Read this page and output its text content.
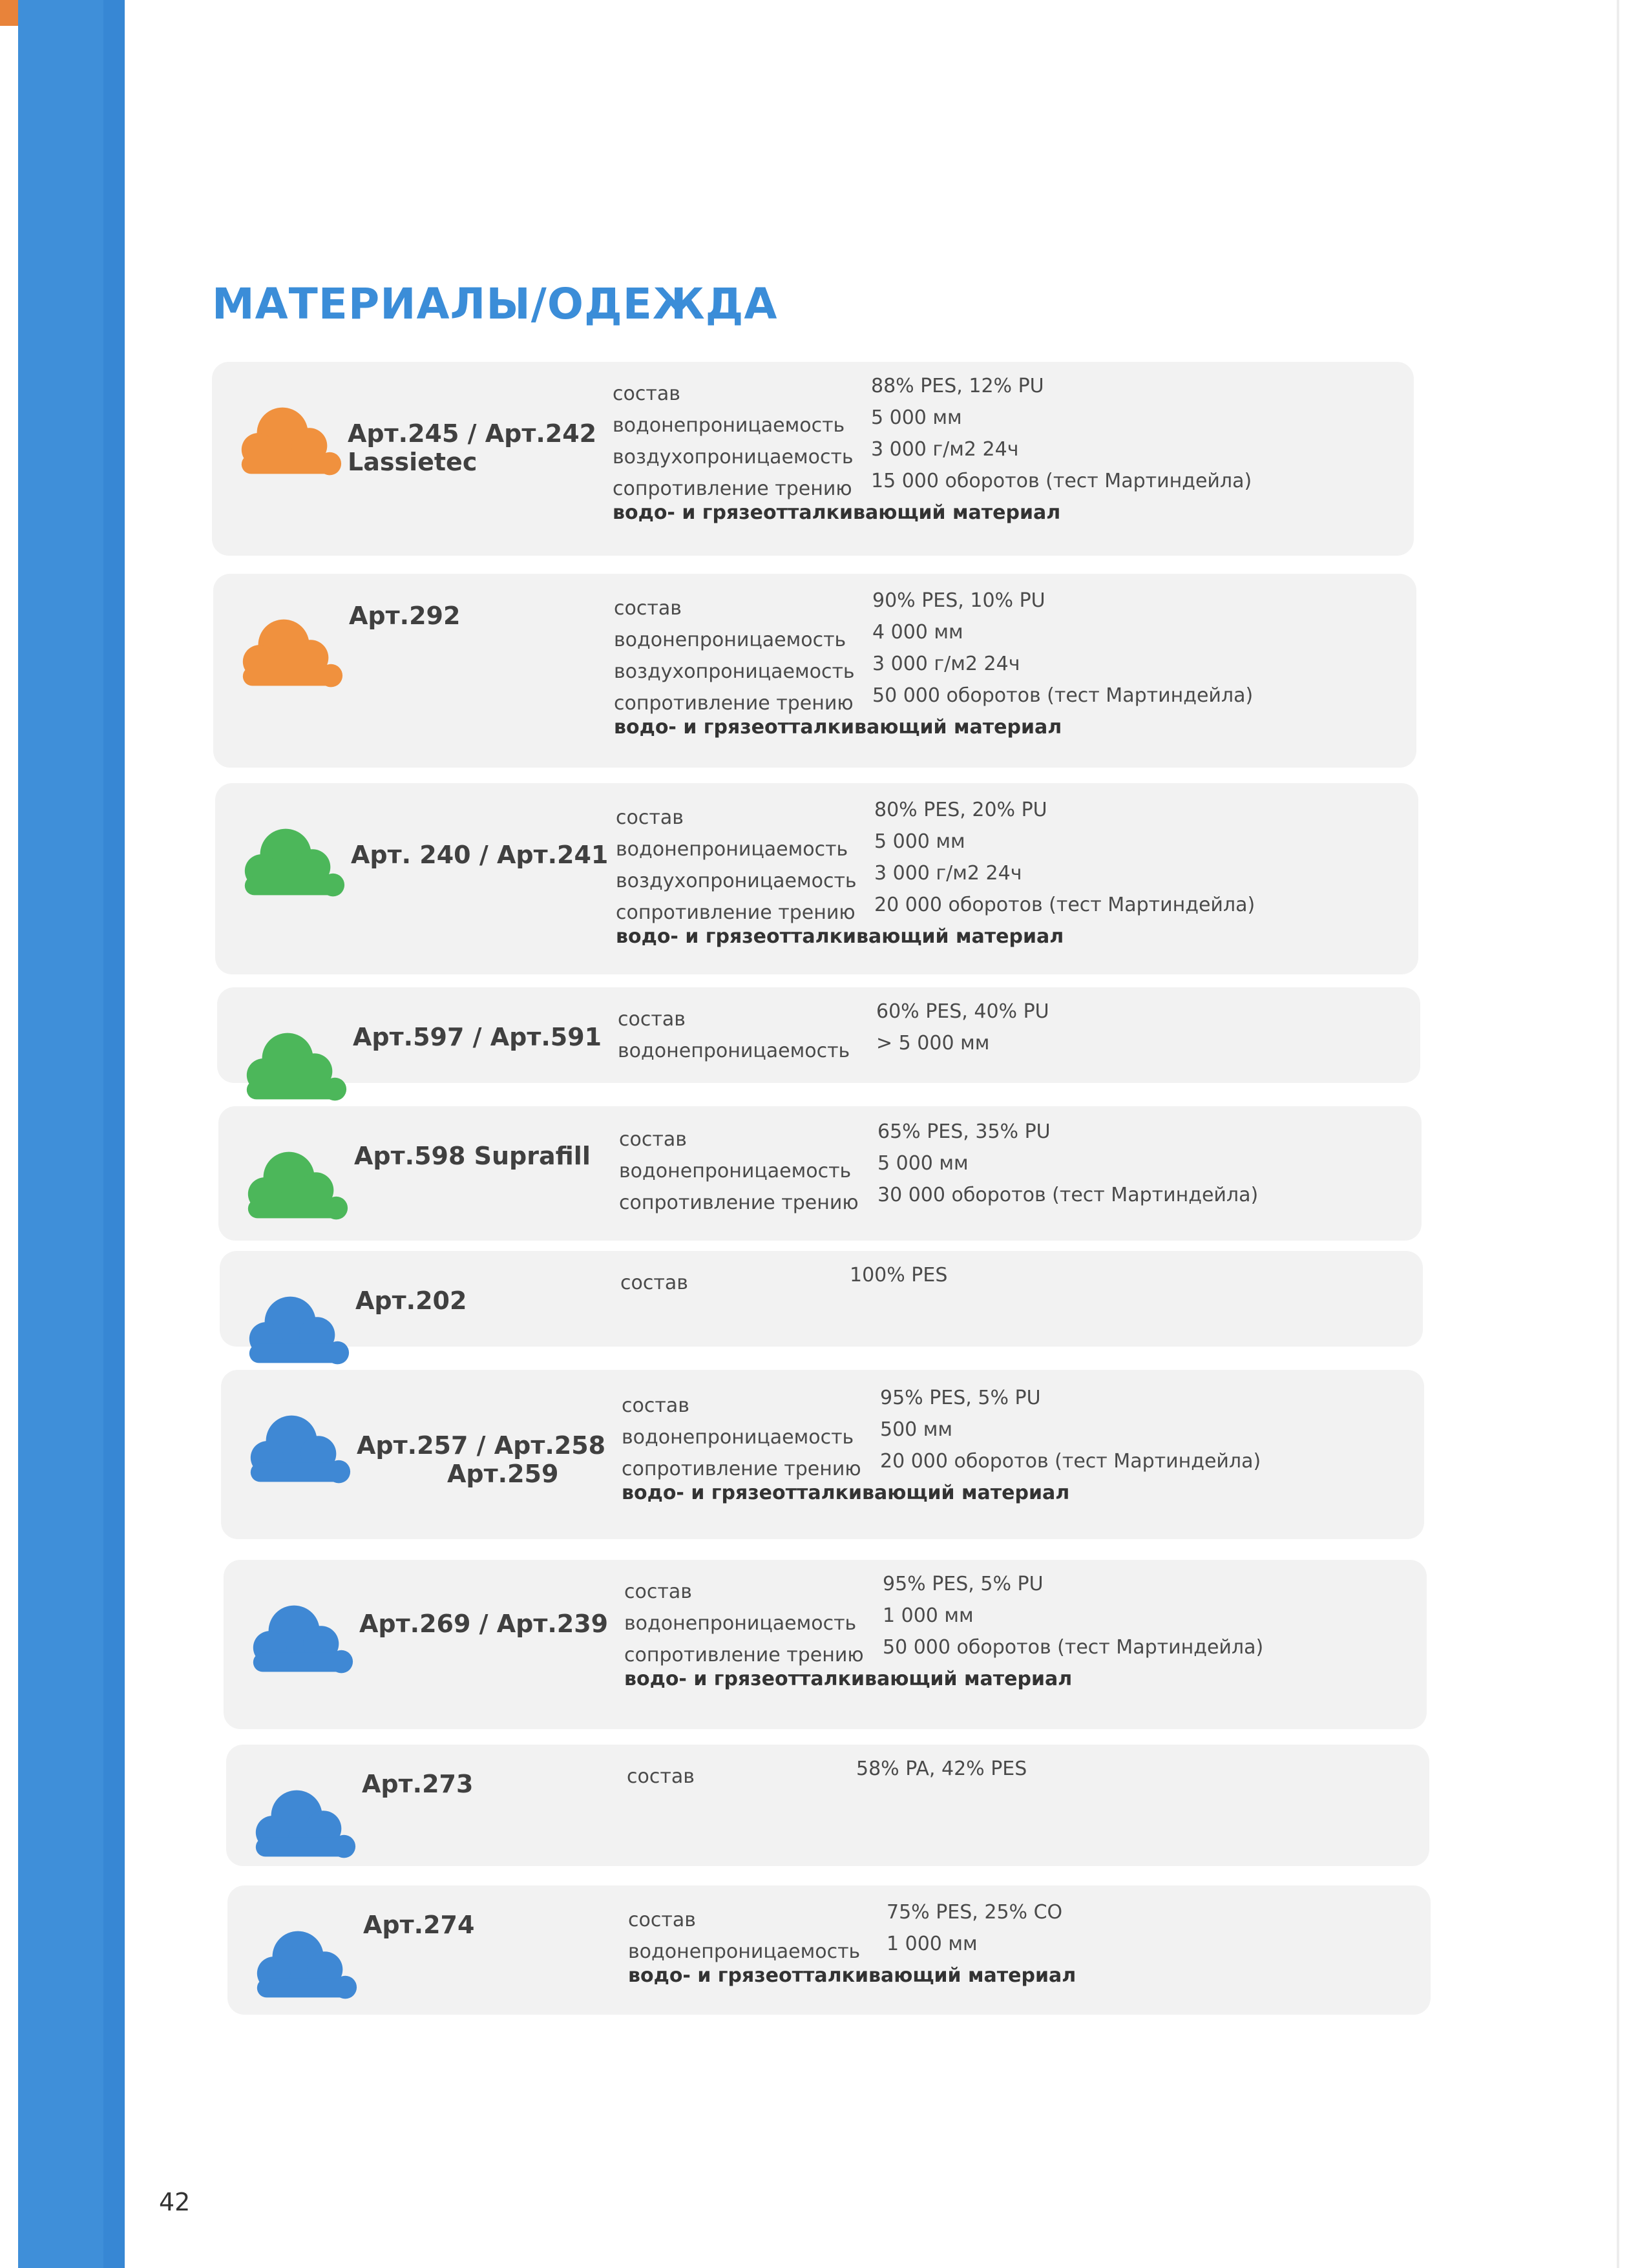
МАТЕРИАЛЫ/ОДЕЖДА
Арт.245 / Арт.242
Lassietec
состав	88% PES, 12% PU
водонепроницаемость 5 000 мм
воздухопроницаемость 3 000 г/м2 24ч
сопротивление трению 15 000 оборотов (тест Мартиндейла)
водо- и грязеотталкивающий материал
Арт.292	состав	90% PES, 10% PU
водонепроницаемость 4 000 мм
воздухопроницаемость 3 000 г/м2 24ч
сопротивление трению 50 000 оборотов (тест Мартиндейла)
водо- и грязеотталкивающий материал
Арт. 240 / Арт.241
состав	80% PES, 20% PU
водонепроницаемость 5 000 мм
воздухопроницаемость 3 000 г/м2 24ч
сопротивление трению 20 000 оборотов (тест Мартиндейла)
водо- и грязеотталкивающий материал
Арт.597 / Арт.591
состав	60% PES, 40% PU
водонепроницаемость > 5 000 мм
Арт.598 Suprafill
состав	65% PES, 35% PU
водонепроницаемость 5 000 мм
сопротивление трению 30 000 оборотов (тест Мартиндейла)
Арт.202
состав	100% PES
Арт.257 / Арт.258
Арт.259
состав	95% PES, 5% PU
водонепроницаемость 500 мм
сопротивление трению 20 000 оборотов (тест Мартиндейла)
водо- и грязеотталкивающий материал
Арт.269 / Арт.239
состав	95% PES, 5% PU
водонепроницаемость 1 000 мм
сопротивление трению 50 000 оборотов (тест Мартиндейла)
водо- и грязеотталкивающий материал
Арт.273	состав	58% PA, 42% PES
Арт.274	состав	75% PES, 25% CO
водонепроницаемость 1 000 мм
водо- и грязеотталкивающий материал
42
